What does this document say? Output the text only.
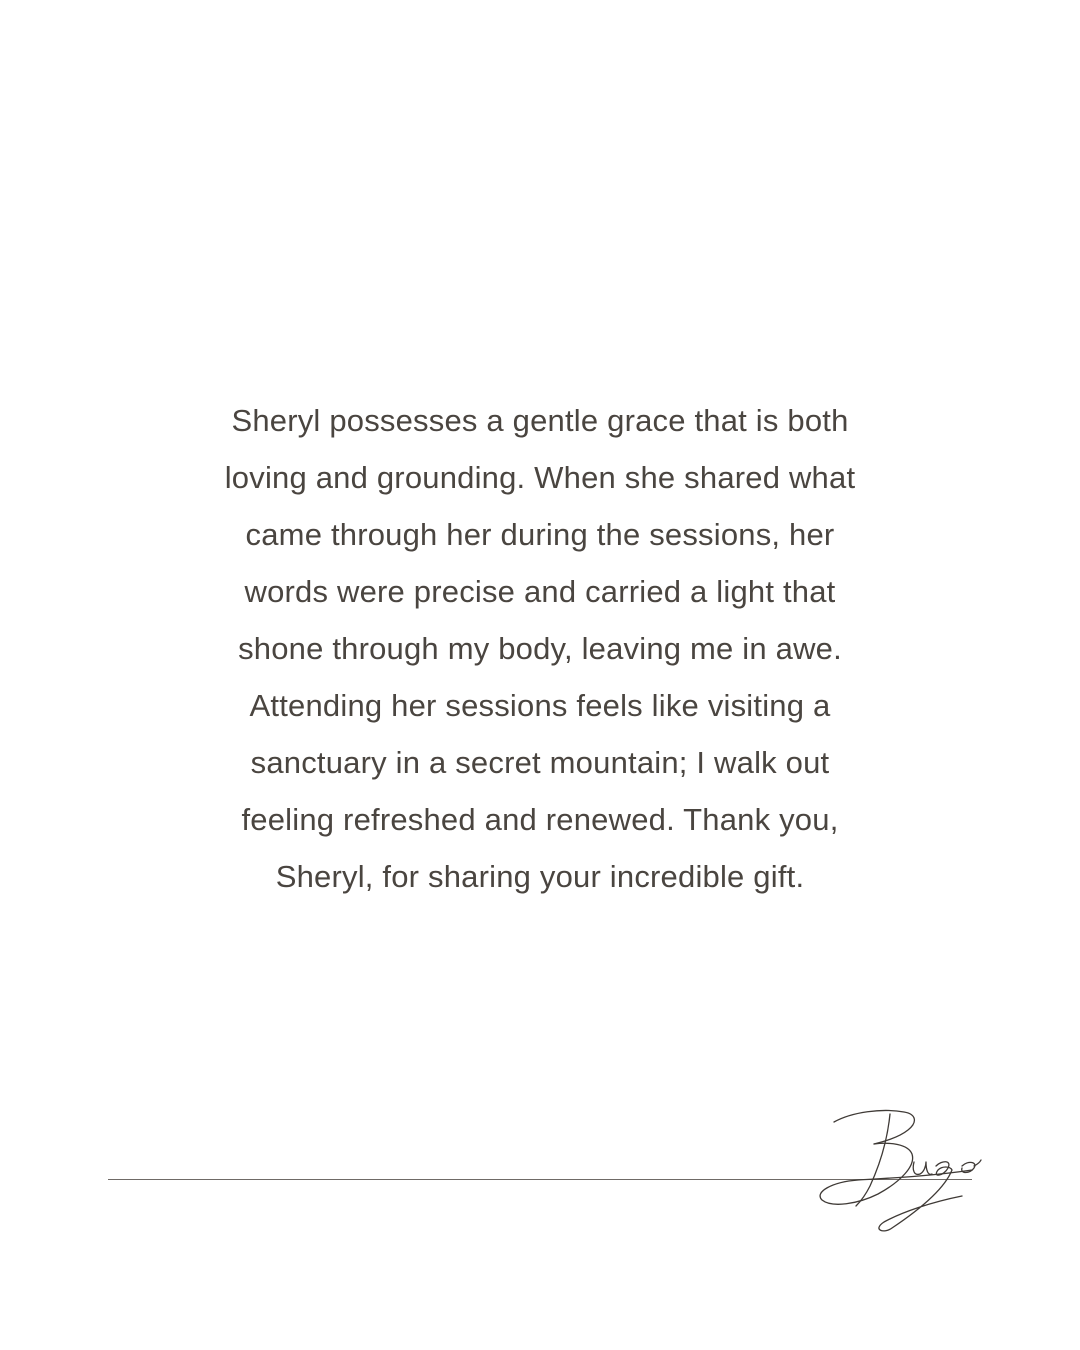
Sheryl possesses a gentle grace that is both
loving and grounding. When she shared what
came through her during the sessions, her
words were precise and carried a light that
shone through my body, leaving me in awe.
Attending her sessions feels like visiting a
sanctuary in a secret mountain; I walk out
feeling refreshed and renewed. Thank you,
Sheryl, for sharing your incredible gift.
